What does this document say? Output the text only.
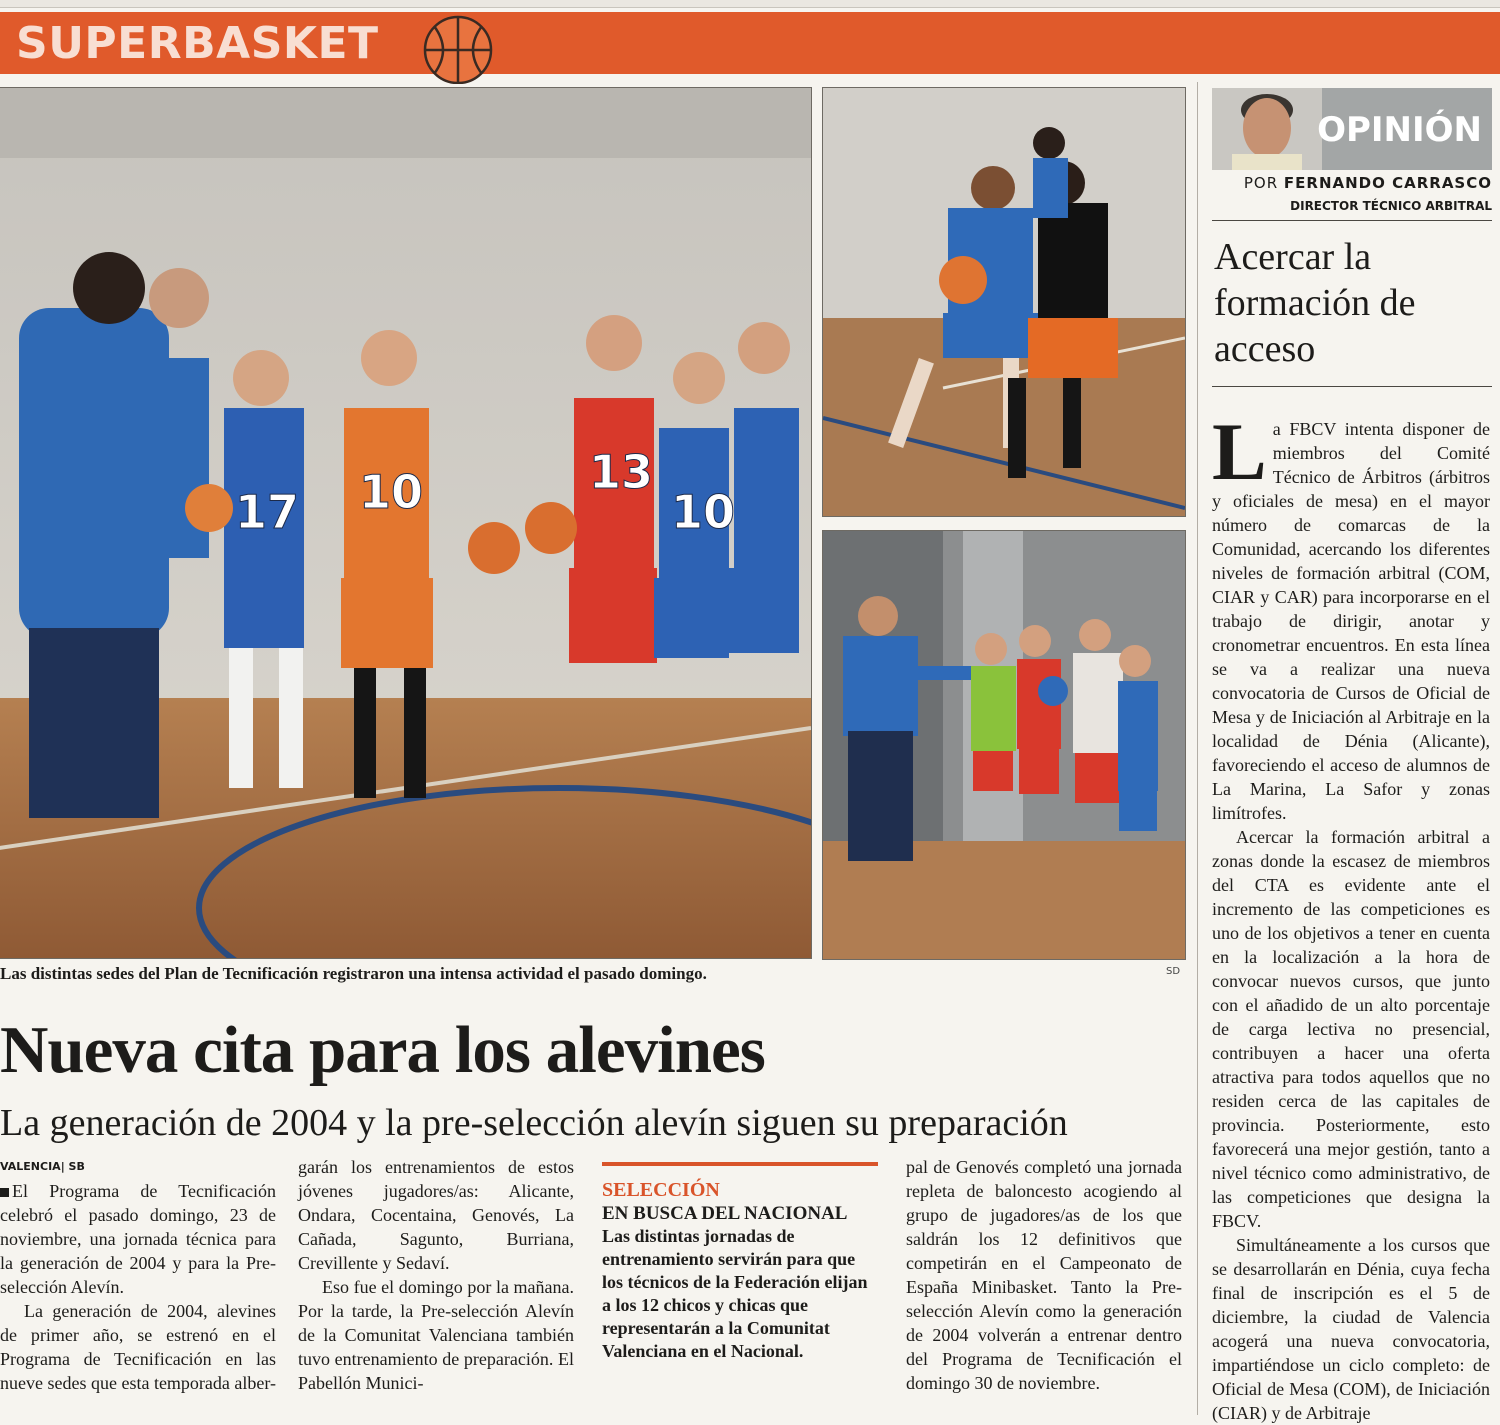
SUPERBASKET
17 10	13
10
Las distintas sedes del Plan de Tecnificación registraron una intensa actividad el pasado domingo.	SD
Nueva cita para los alevines
La generación de 2004 y la pre-selección alevín siguen su preparación
VALENCIA| SB

El Programa de Tecnificación celebró el pasado domingo, 23 de noviembre, una jornada técnica para la generación de 2004 y para la Pre-selección Alevín.

La generación de 2004, alevines de primer año, se estrenó en el Programa de Tecnificación en las nueve sedes que esta temporada alber-

garán los entrenamientos de estos jóvenes jugadores/as: Alicante, Ondara, Cocentaina, Genovés, La Cañada, Sagunto, Burriana, Crevillente y Sedaví.

Eso fue el domingo por la mañana. Por la tarde, la Pre-selección Alevín de la Comunitat Valenciana también tuvo entrenamiento de preparación. El Pabellón Munici-

SELECCIÓN
EN BUSCA DEL NACIONAL
Las distintas jornadas de entrenamiento servirán para que los técnicos de la Federación elijan a los 12 chicos y chicas que representarán a la Comunitat Valenciana en el Nacional.

pal de Genovés completó una jornada repleta de baloncesto acogiendo al grupo de jugadores/as de los que saldrán los 12 definitivos que competirán en el Campeonato de España Minibasket. Tanto la Pre-selección Alevín como la generación de 2004 volverán a entrenar dentro del Programa de Tecnificación el domingo 30 de noviembre.

OPINIÓN
POR FERNANDO CARRASCO
DIRECTOR TÉCNICO ARBITRAL
Acercar la formación de acceso

La FBCV intenta disponer de miembros del Comité Técnico de Árbitros (árbitros y oficiales de mesa) en el mayor número de comarcas de la Comunidad, acercando los diferentes niveles de formación arbitral (COM, CIAR y CAR) para incorporarse en el trabajo de dirigir, anotar y cronometrar encuentros. En esta línea se va a realizar una nueva convocatoria de Cursos de Oficial de Mesa y de Iniciación al Arbitraje en la localidad de Dénia (Alicante), favoreciendo el acceso de alumnos de La Marina, La Safor y zonas limítrofes.

Acercar la formación arbitral a zonas donde la escasez de miembros del CTA es evidente ante el incremento de las competiciones es uno de los objetivos a tener en cuenta en la localización a la hora de convocar nuevos cursos, que junto con el añadido de un alto porcentaje de carga lectiva no presencial, contribuyen a hacer una oferta atractiva para todos aquellos que no residen cerca de las capitales de provincia. Posteriormente, esto favorecerá una mejor gestión, tanto a nivel técnico como administrativo, de las competiciones que designa la FBCV.

Simultáneamente a los cursos que se desarrollarán en Dénia, cuya fecha final de inscripción es el 5 de diciembre, la ciudad de Valencia acogerá una nueva convocatoria, impartiéndose un ciclo completo: de Oficial de Mesa (COM), de Iniciación (CIAR) y de Arbitraje
